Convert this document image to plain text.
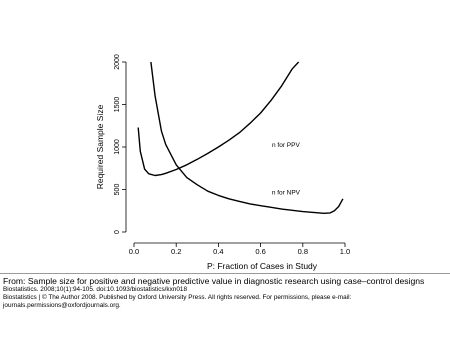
0.0	0.2	0.4	0.6	0.8	1.0
0
500
1000
1500
2000
n for PPV
n for NPV
P: Fraction of Cases in Study
Required Sample Size
From: Sample size for positive and negative predictive value in diagnostic research using case–control designs
Biostatistics. 2008;10(1):94-105. doi:10.1093/biostatistics/kxn018
Biostatistics | © The Author 2008. Published by Oxford University Press. All rights reserved. For permissions, please e-mail: journals.permissions@oxfordjournals.org.
